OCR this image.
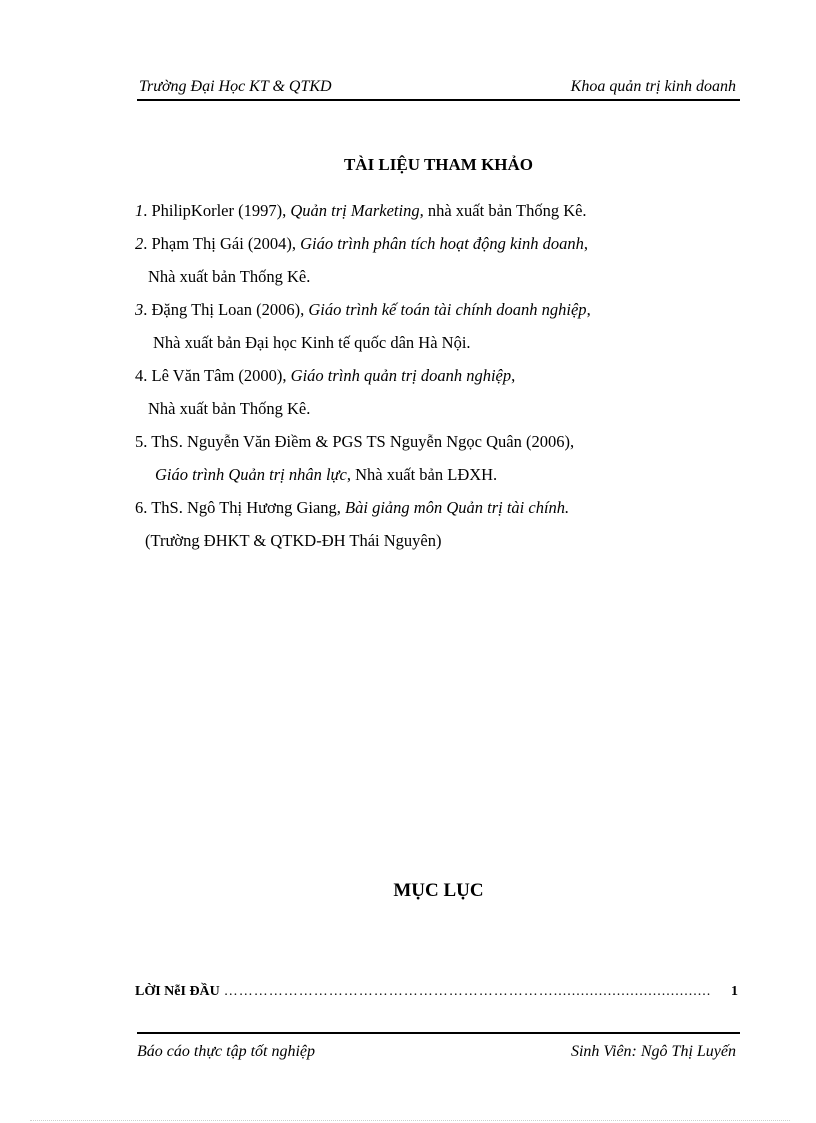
Trường Đại Học KT & QTKD	Khoa quản trị kinh doanh
TÀI LIỆU THAM KHẢO
1. PhilipKorler (1997), Quản trị Marketing, nhà xuất bản Thống Kê.
2. Phạm Thị Gái (2004), Giáo trình phân tích hoạt động kinh doanh,
Nhà xuất bản Thống Kê.
3. Đặng Thị Loan (2006), Giáo trình kế toán tài chính doanh nghiệp,
Nhà xuất bản Đại học Kinh tế quốc dân Hà Nội.
4. Lê Văn Tâm (2000), Giáo trình quản trị doanh nghiệp,
Nhà xuất bản Thống Kê.
5. ThS. Nguyễn Văn Điềm & PGS TS Nguyễn Ngọc Quân (2006),
Giáo trình Quản trị nhân lực, Nhà xuất bản LĐXH.
6. ThS. Ngô Thị Hương Giang, Bài giảng môn Quản trị tài chính.
(Trường ĐHKT & QTKD-ĐH Thái Nguyên)
MỤC LỤC
LỜI NễI ĐẦU …………………………………………………………...................................	1
Báo cáo thực tập tốt nghiệp	Sinh Viên: Ngô Thị Luyến
